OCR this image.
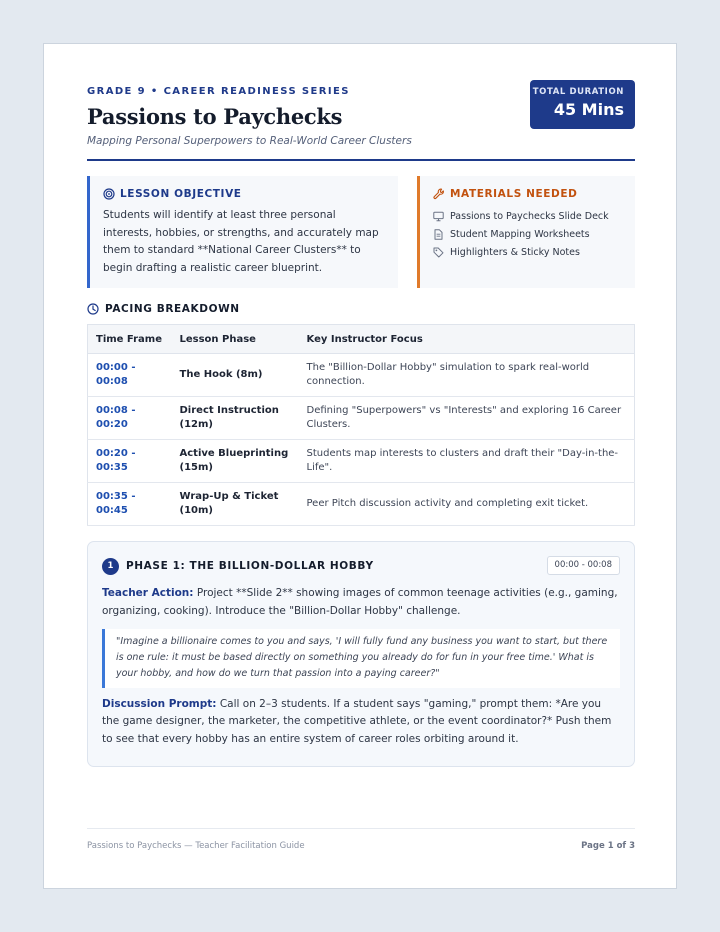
GRADE 9 • CAREER READINESS SERIES
Passions to Paychecks
Mapping Personal Superpowers to Real-World Career Clusters
TOTAL DURATION
45 Mins
LESSON OBJECTIVE
Students will identify at least three personal interests, hobbies, or strengths, and accurately map them to standard **National Career Clusters** to begin drafting a realistic career blueprint.
MATERIALS NEEDED
Passions to Paychecks Slide Deck
Student Mapping Worksheets
Highlighters & Sticky Notes
PACING BREAKDOWN
Time Frame	Lesson Phase	Key Instructor Focus
00:00 - 00:08	The Hook (8m)	The "Billion-Dollar Hobby" simulation to spark real-world connection.
00:08 - 00:20	Direct Instruction (12m)	Defining "Superpowers" vs "Interests" and exploring 16 Career Clusters.
00:20 - 00:35	Active Blueprinting (15m)	Students map interests to clusters and draft their "Day-in-the-Life".
00:35 - 00:45	Wrap-Up & Ticket (10m)	Peer Pitch discussion activity and completing exit ticket.
1	PHASE 1: THE BILLION-DOLLAR HOBBY	00:00 - 00:08

Teacher Action: Project **Slide 2** showing images of common teenage activities (e.g., gaming, organizing, cooking). Introduce the "Billion-Dollar Hobby" challenge.

"Imagine a billionaire comes to you and says, 'I will fully fund any business you want to start, but there is one rule: it must be based directly on something you already do for fun in your free time.' What is your hobby, and how do we turn that passion into a paying career?"

Discussion Prompt: Call on 2–3 students. If a student says "gaming," prompt them: *Are you the game designer, the marketer, the competitive athlete, or the event coordinator?* Push them to see that every hobby has an entire system of career roles orbiting around it.

Passions to Paychecks — Teacher Facilitation Guide	Page 1 of 3
